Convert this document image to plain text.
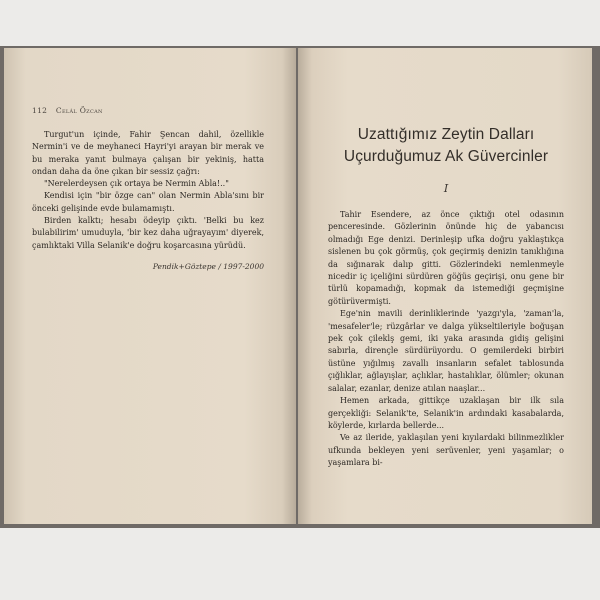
112 Celâl Özcan

Turgut'un içinde, Fahir Şencan dahil, özellikle Nermin'i ve de meyhaneci Hayri'yi arayan bir merak ve bu meraka yanıt bulmaya çalışan bir yekiniş, hatta ondan daha da öne çıkan bir sessiz çağrı:

"Nerelerdeysen çık ortaya be Nermin Abla!.."

Kendisi için "bir özge can" olan Nermin Abla'sını bir önceki gelişinde evde bulamamıştı.

Birden kalktı; hesabı ödeyip çıktı. 'Belki bu kez bulabilirim' umuduyla, 'bir kez daha uğrayayım' diyerek, çamlıktaki Villa Selanik'e doğru koşarcasına yürüdü.

Pendik+Göztepe / 1997-2000
Uzattığımız Zeytin Dalları
Uçurduğumuz Ak Güvercinler
I

Tahir Esendere, az önce çıktığı otel odasının penceresinde. Gözlerinin önünde hiç de yabancısı olmadığı Ege denizi. Derinleşip ufka doğru yaklaştıkça sislenen bu çok görmüş, çok geçirmiş denizin tanıklığına da sığınarak dalıp gitti. Gözlerindeki nemlenmeyle nicedir iç içeliğini sürdüren göğüs geçirişi, onu gene bir türlü kopamadığı, kopmak da istemediği geçmişine götürüvermişti.

Ege'nin mavili derinliklerinde 'yazgı'yla, 'zaman'la, 'mesafeler'le; rüzgârlar ve dalga yükseltileriyle boğuşan pek çok çileklş gemi, iki yaka arasında gidiş gelişini sabırla, dirençle sürdürüyordu. O gemilerdeki birbiri üstüne yığılmış zavallı insanların sefalet tablosunda çığlıklar, ağlayışlar, açlıklar, hastalıklar, ölümler; okunan salalar, ezanlar, denize atılan naaşlar...

Hemen arkada, gittikçe uzaklaşan bir ilk sıla gerçekliği: Selanik'te, Selanik'in ardındaki kasabalarda, köylerde, kırlarda bellerde...

Ve az ileride, yaklaşılan yeni kıyılardaki bilinmezlikler ufkunda bekleyen yeni serüvenler, yeni yaşamlar; o yaşamlara bi-
